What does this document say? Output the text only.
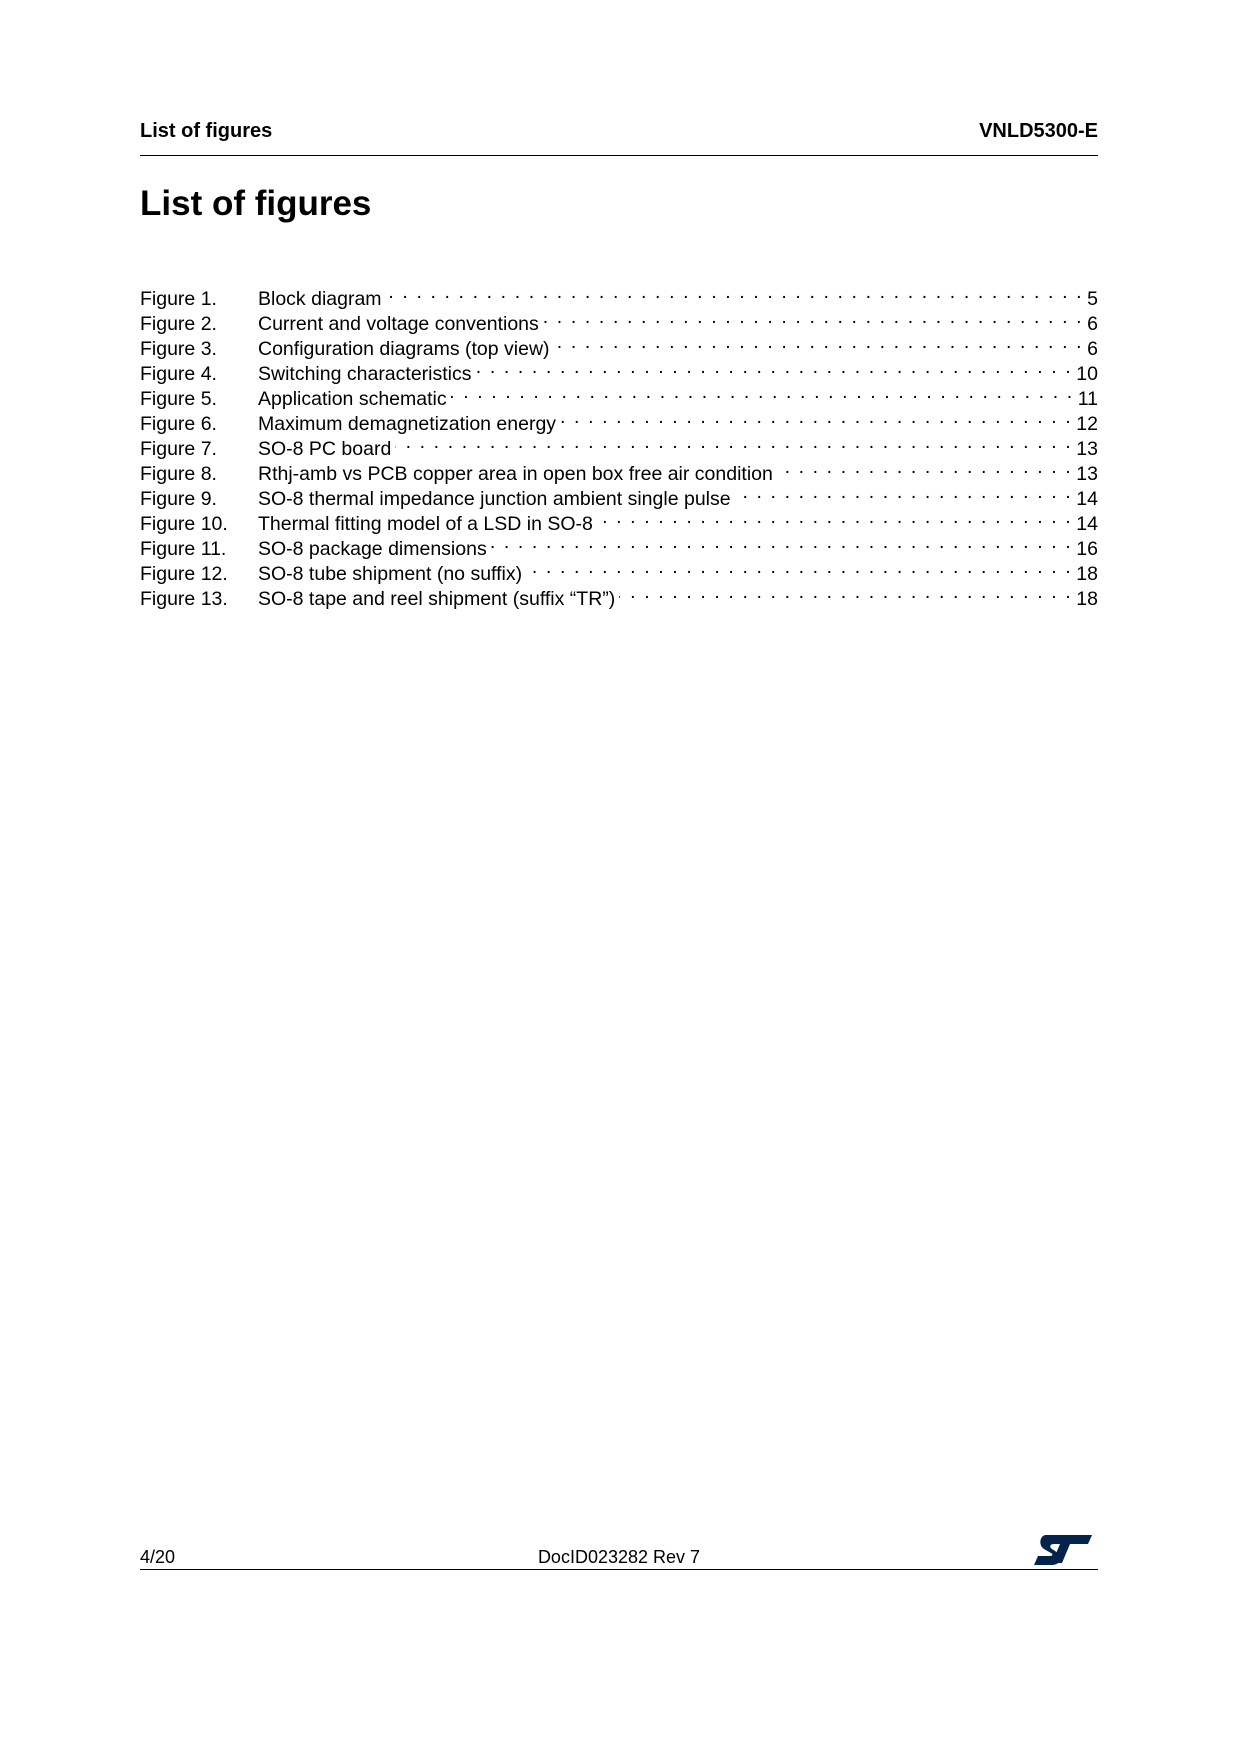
List of figures	VNLD5300-E
List of figures
Figure 1.	Block diagram . . .	5
Figure 2.	Current and voltage conventions . . .	6
Figure 3.	Configuration diagrams (top view) . . .	6
Figure 4.	Switching characteristics . . .	10
Figure 5.	Application schematic . . .	11
Figure 6.	Maximum demagnetization energy . . .	12
Figure 7.	SO-8 PC board . . .	13
Figure 8.	Rthj-amb vs PCB copper area in open box free air condition . . .	13
Figure 9.	SO-8 thermal impedance junction ambient single pulse . . .	14
Figure 10.	Thermal fitting model of a LSD in SO-8 . . .	14
Figure 11.	SO-8 package dimensions . . .	16
Figure 12.	SO-8 tube shipment (no suffix) . . .	18
Figure 13.	SO-8 tape and reel shipment (suffix “TR”) . . .	18
4/20	DocID023282 Rev 7
